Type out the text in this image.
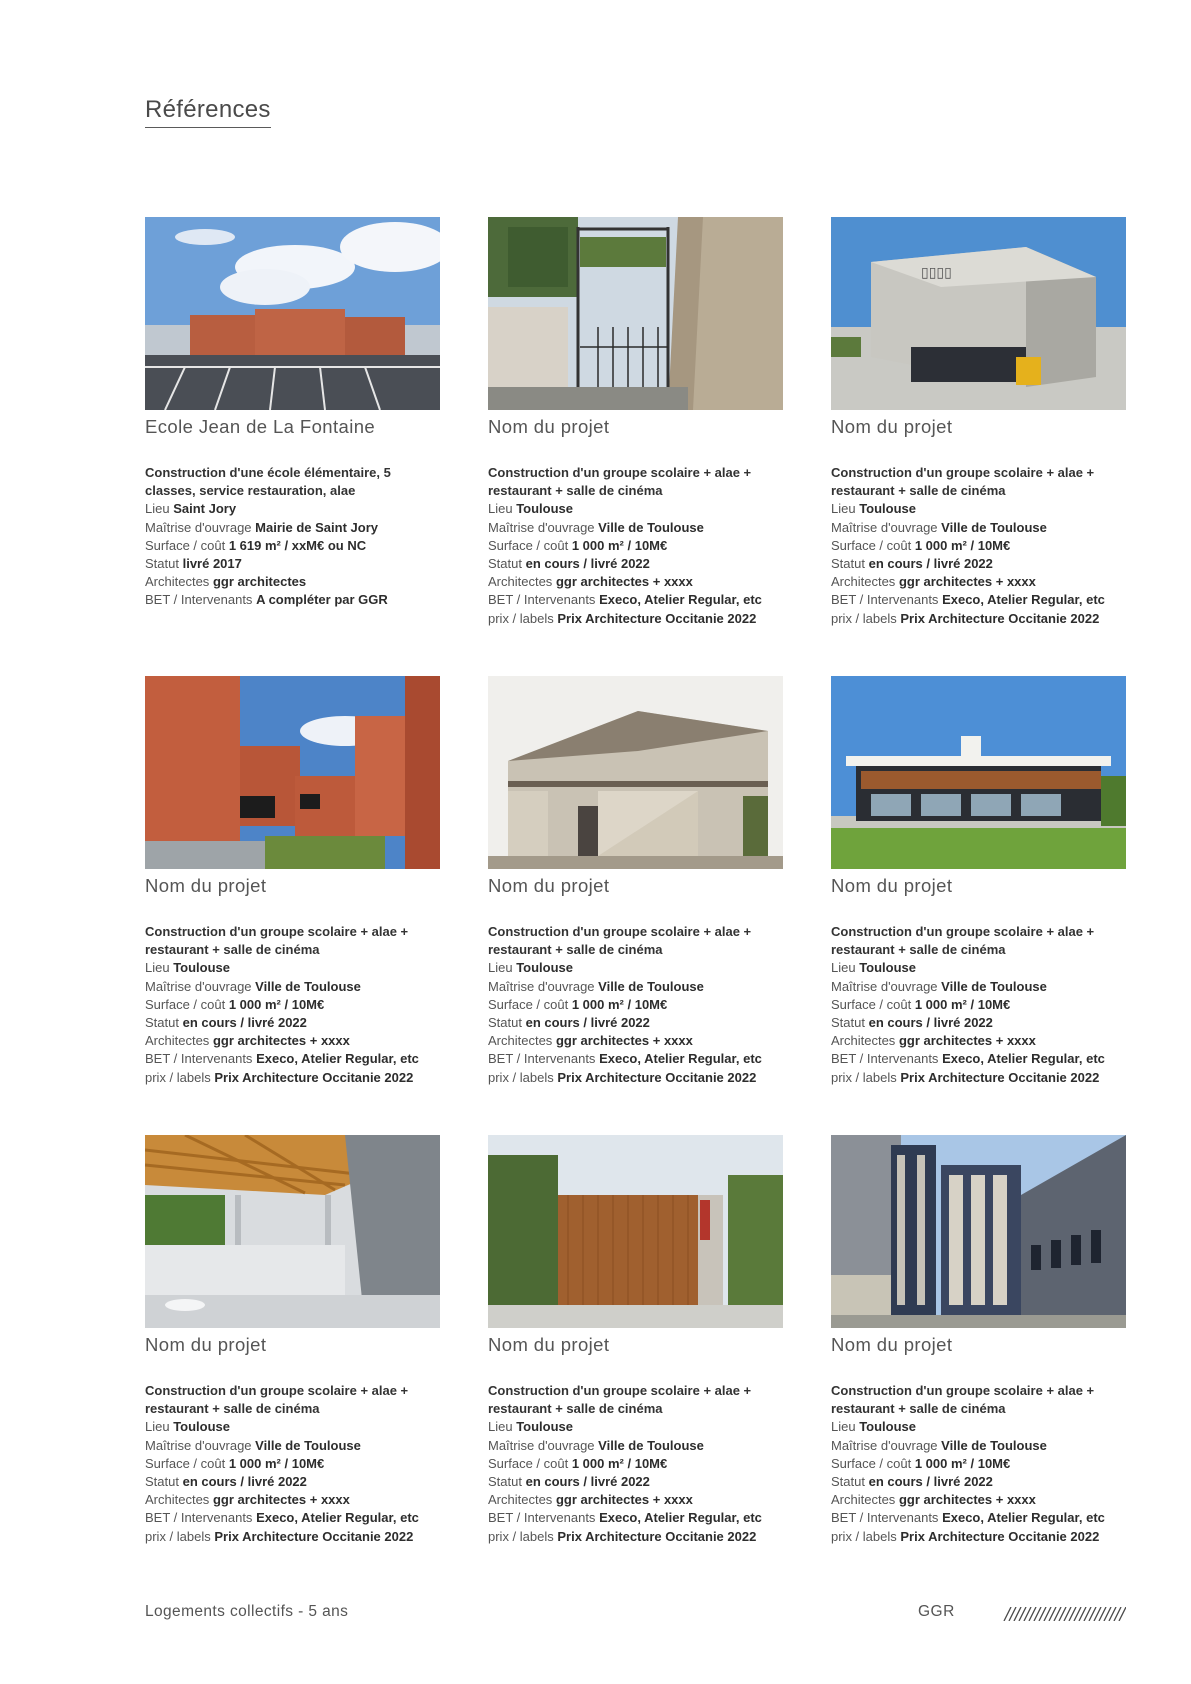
Références
Ecole Jean de La Fontaine
Construction d'une école élémentaire, 5 classes, service restauration, alae
Lieu Saint Jory
Maîtrise d'ouvrage Mairie de Saint Jory
Surface / coût 1 619 m² / xxM€ ou NC
Statut livré 2017
Architectes ggr architectes
BET / Intervenants A compléter par GGR
Nom du projet
Construction d'un groupe scolaire + alae + restaurant + salle de cinéma
Lieu Toulouse
Maîtrise d'ouvrage Ville de Toulouse
Surface / coût 1 000 m² / 10M€
Statut en cours / livré 2022
Architectes ggr architectes + xxxx
BET / Intervenants Execo, Atelier Regular, etc
prix / labels Prix Architecture Occitanie 2022
▯▯▯▯
Nom du projet
Construction d'un groupe scolaire + alae + restaurant + salle de cinéma
Lieu Toulouse
Maîtrise d'ouvrage Ville de Toulouse
Surface / coût 1 000 m² / 10M€
Statut en cours / livré 2022
Architectes ggr architectes + xxxx
BET / Intervenants Execo, Atelier Regular, etc
prix / labels Prix Architecture Occitanie 2022
Nom du projet
Construction d'un groupe scolaire + alae + restaurant + salle de cinéma
Lieu Toulouse
Maîtrise d'ouvrage Ville de Toulouse
Surface / coût 1 000 m² / 10M€
Statut en cours / livré 2022
Architectes ggr architectes + xxxx
BET / Intervenants Execo, Atelier Regular, etc
prix / labels Prix Architecture Occitanie 2022
Nom du projet
Construction d'un groupe scolaire + alae + restaurant + salle de cinéma
Lieu Toulouse
Maîtrise d'ouvrage Ville de Toulouse
Surface / coût 1 000 m² / 10M€
Statut en cours / livré 2022
Architectes ggr architectes + xxxx
BET / Intervenants Execo, Atelier Regular, etc
prix / labels Prix Architecture Occitanie 2022
Nom du projet
Construction d'un groupe scolaire + alae + restaurant + salle de cinéma
Lieu Toulouse
Maîtrise d'ouvrage Ville de Toulouse
Surface / coût 1 000 m² / 10M€
Statut en cours / livré 2022
Architectes ggr architectes + xxxx
BET / Intervenants Execo, Atelier Regular, etc
prix / labels Prix Architecture Occitanie 2022
Nom du projet
Construction d'un groupe scolaire + alae + restaurant + salle de cinéma
Lieu Toulouse
Maîtrise d'ouvrage Ville de Toulouse
Surface / coût 1 000 m² / 10M€
Statut en cours / livré 2022
Architectes ggr architectes + xxxx
BET / Intervenants Execo, Atelier Regular, etc
prix / labels Prix Architecture Occitanie 2022
Nom du projet
Construction d'un groupe scolaire + alae + restaurant + salle de cinéma
Lieu Toulouse
Maîtrise d'ouvrage Ville de Toulouse
Surface / coût 1 000 m² / 10M€
Statut en cours / livré 2022
Architectes ggr architectes + xxxx
BET / Intervenants Execo, Atelier Regular, etc
prix / labels Prix Architecture Occitanie 2022
Nom du projet
Construction d'un groupe scolaire + alae + restaurant + salle de cinéma
Lieu Toulouse
Maîtrise d'ouvrage Ville de Toulouse
Surface / coût 1 000 m² / 10M€
Statut en cours / livré 2022
Architectes ggr architectes + xxxx
BET / Intervenants Execo, Atelier Regular, etc
prix / labels Prix Architecture Occitanie 2022
Logements collectifs - 5 ans	GGR
